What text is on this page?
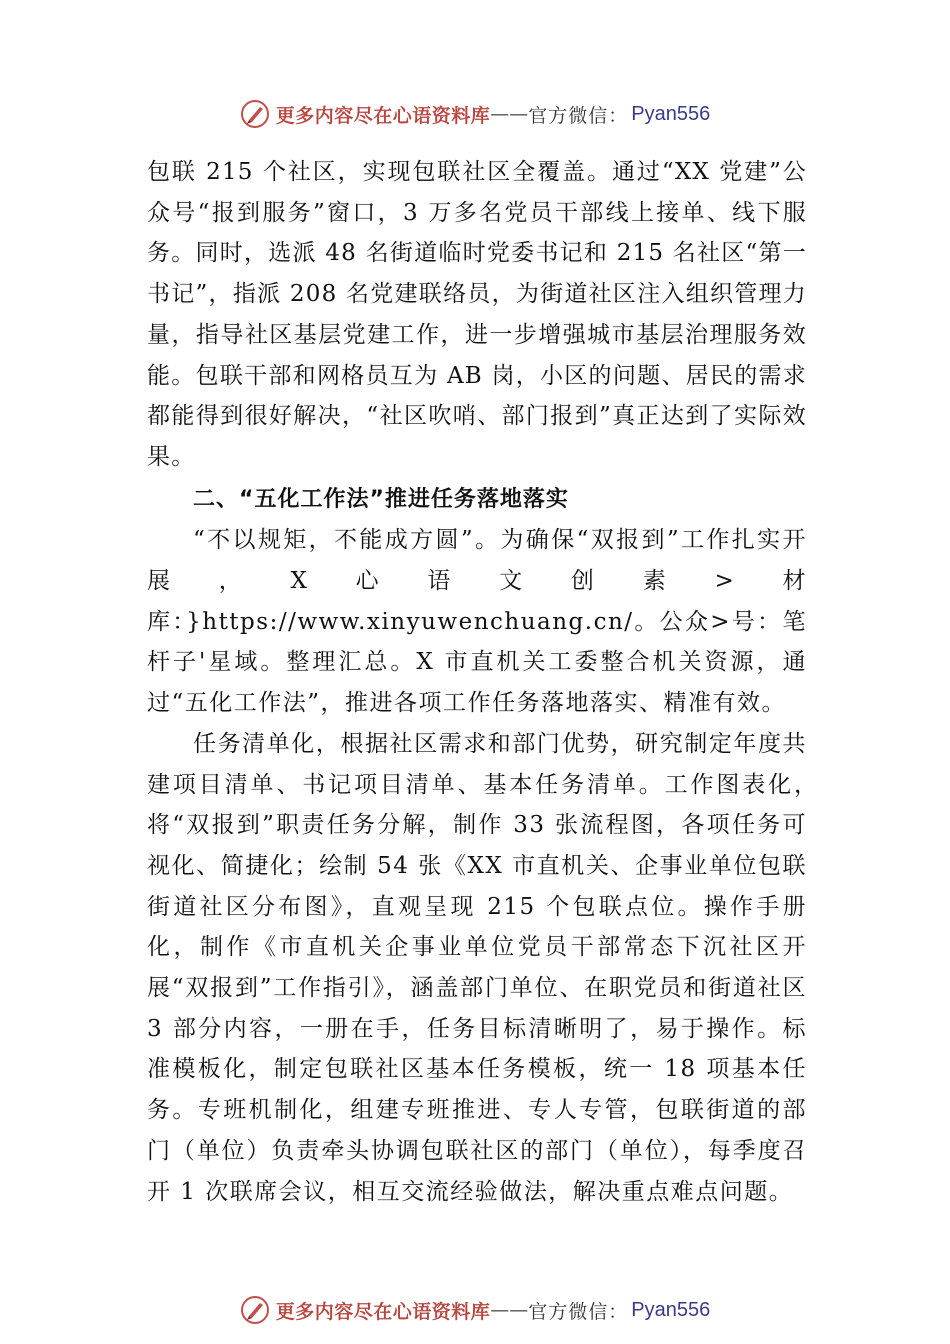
更多内容尽在心语资料库 —— 官方微信 ： Pyan556

包联 215 个社区，实现包联社区全覆盖。通过“XX 党建”公众号“报到服务”窗口，3 万多名党员干部线上接单、线下服务。同时，选派 48 名街道临时党委书记和 215 名社区“第一书记”，指派 208 名党建联络员，为街道社区注入组织管理力量，指导社区基层党建工作，进一步增强城市基层治理服务效能。包联干部和网格员互为 AB 岗，小区的问题、居民的需求都能得到很好解决，“社区吹哨、部门报到”真正达到了实际效果。

二、“五化工作法”推进任务落地落实

“不以规矩，不能成方圆”。为确保“双报到”工作扎实开展，X心语文创素>材库：}https://www.xinyuwenchuang.cn/。公众>号：笔杆子'星域。整理汇总。X 市直机关工委整合机关资源，通过“五化工作法”，推进各项工作任务落地落实、精准有效。

任务清单化，根据社区需求和部门优势，研究制定年度共建项目清单、书记项目清单、基本任务清单。工作图表化，　将“双报到”职责任务分解，制作 33 张流程图，各项任务可视化、简捷化；绘制 54 张《XX 市直机关、企事业单位包联街道社区分布图》，直观呈现 215 个包联点位。操作手册化，制作《市直机关企事业单位党员干部常态下沉社区开展“双报到”工作指引》，涵盖部门单位、在职党员和街道社区 3 部分内容，一册在手，任务目标清晰明了，易于操作。标准模板化，制定包联社区基本任务模板，统一 18 项基本任务。专班机制化，组建专班推进、专人专管，包联街道的部门（单位）负责牵头协调包联社区的部门（单位），每季度召开 1 次联席会议，相互交流经验做法，解决重点难点问题。

更多内容尽在心语资料库 —— 官方微信 ： Pyan556
